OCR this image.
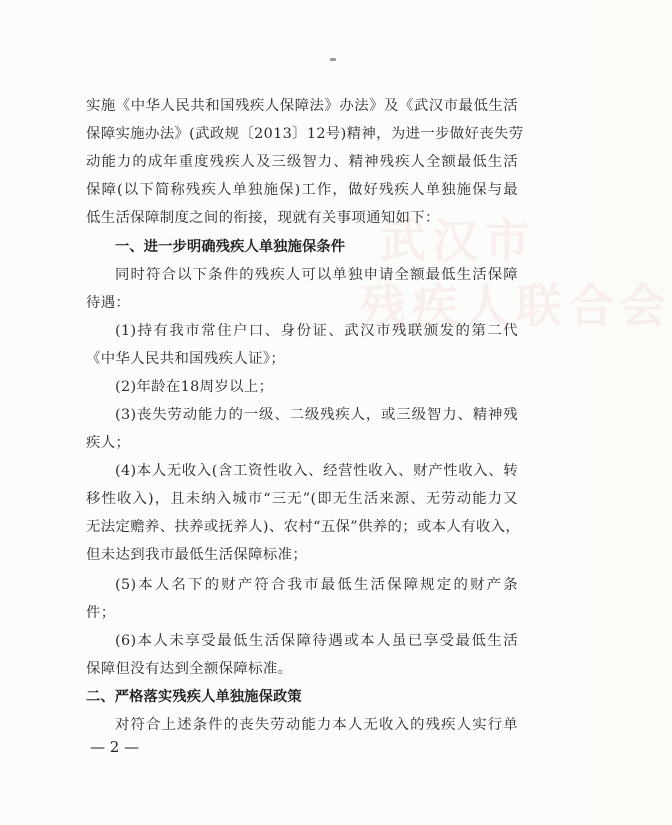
武汉市
残疾人联合会
实施《中华人民共和国残疾人保障法》办法》及《武汉市最低生活
保障实施办法》(武政规〔2013〕12号)精神，为进一步做好丧失劳
动能力的成年重度残疾人及三级智力、精神残疾人全额最低生活
保障(以下简称残疾人单独施保)工作，做好残疾人单独施保与最
低生活保障制度之间的衔接，现就有关事项通知如下：
一、进一步明确残疾人单独施保条件
同时符合以下条件的残疾人可以单独申请全额最低生活保障
待遇：
(1)持有我市常住户口、身份证、武汉市残联颁发的第二代
《中华人民共和国残疾人证》；
(2)年龄在18周岁以上；
(3)丧失劳动能力的一级、二级残疾人，或三级智力、精神残
疾人；
(4)本人无收入(含工资性收入、经营性收入、财产性收入、转
移性收入)，且未纳入城市“三无”(即无生活来源、无劳动能力又
无法定赡养、扶养或抚养人)、农村“五保”供养的；或本人有收入，
但未达到我市最低生活保障标准；
(5)本人名下的财产符合我市最低生活保障规定的财产条
件；
(6)本人未享受最低生活保障待遇或本人虽已享受最低生活
保障但没有达到全额保障标准。
二、严格落实残疾人单独施保政策
对符合上述条件的丧失劳动能力本人无收入的残疾人实行单
— 2 —
